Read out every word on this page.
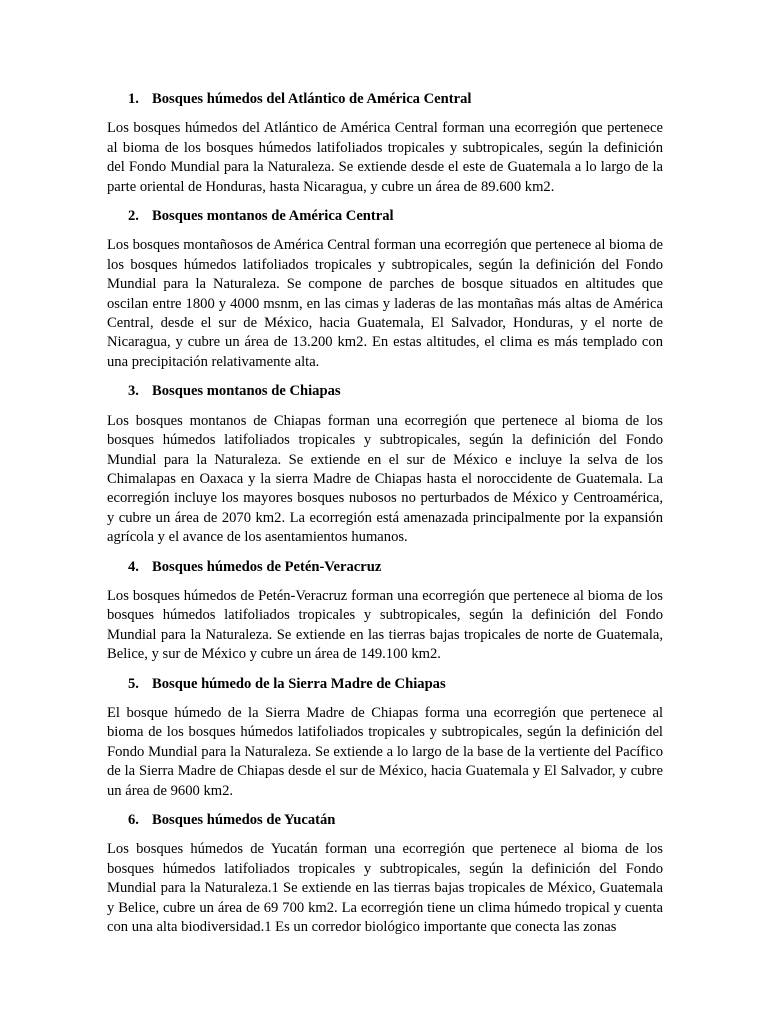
1. Bosques húmedos del Atlántico de América Central

Los bosques húmedos del Atlántico de América Central forman una ecorregión que pertenece al bioma de los bosques húmedos latifoliados tropicales y subtropicales, según la definición del Fondo Mundial para la Naturaleza. Se extiende desde el este de Guatemala a lo largo de la parte oriental de Honduras, hasta Nicaragua, y cubre un área de 89.600 km2.

2. Bosques montanos de América Central

Los bosques montañosos de América Central forman una ecorregión que pertenece al bioma de los bosques húmedos latifoliados tropicales y subtropicales, según la definición del Fondo Mundial para la Naturaleza. Se compone de parches de bosque situados en altitudes que oscilan entre 1800 y 4000 msnm, en las cimas y laderas de las montañas más altas de América Central, desde el sur de México, hacia Guatemala, El Salvador, Honduras, y el norte de Nicaragua, y cubre un área de 13.200 km2. En estas altitudes, el clima es más templado con una precipitación relativamente alta.

3. Bosques montanos de Chiapas

Los bosques montanos de Chiapas forman una ecorregión que pertenece al bioma de los bosques húmedos latifoliados tropicales y subtropicales, según la definición del Fondo Mundial para la Naturaleza. Se extiende en el sur de México e incluye la selva de los Chimalapas en Oaxaca y la sierra Madre de Chiapas hasta el noroccidente de Guatemala. La ecorregión incluye los mayores bosques nubosos no perturbados de México y Centroamérica, y cubre un área de 2070 km2. La ecorregión está amenazada principalmente por la expansión agrícola y el avance de los asentamientos humanos.

4. Bosques húmedos de Petén-Veracruz

Los bosques húmedos de Petén-Veracruz forman una ecorregión que pertenece al bioma de los bosques húmedos latifoliados tropicales y subtropicales, según la definición del Fondo Mundial para la Naturaleza. Se extiende en las tierras bajas tropicales de norte de Guatemala, Belice, y sur de México y cubre un área de 149.100 km2.

5. Bosque húmedo de la Sierra Madre de Chiapas

El bosque húmedo de la Sierra Madre de Chiapas forma una ecorregión que pertenece al bioma de los bosques húmedos latifoliados tropicales y subtropicales, según la definición del Fondo Mundial para la Naturaleza. Se extiende a lo largo de la base de la vertiente del Pacífico de la Sierra Madre de Chiapas desde el sur de México, hacia Guatemala y El Salvador, y cubre un área de 9600 km2.

6. Bosques húmedos de Yucatán

Los bosques húmedos de Yucatán forman una ecorregión que pertenece al bioma de los bosques húmedos latifoliados tropicales y subtropicales, según la definición del Fondo Mundial para la Naturaleza.1 Se extiende en las tierras bajas tropicales de México, Guatemala y Belice, cubre un área de 69 700 km2. La ecorregión tiene un clima húmedo tropical y cuenta con una alta biodiversidad.1 Es un corredor biológico importante que conecta las zonas
